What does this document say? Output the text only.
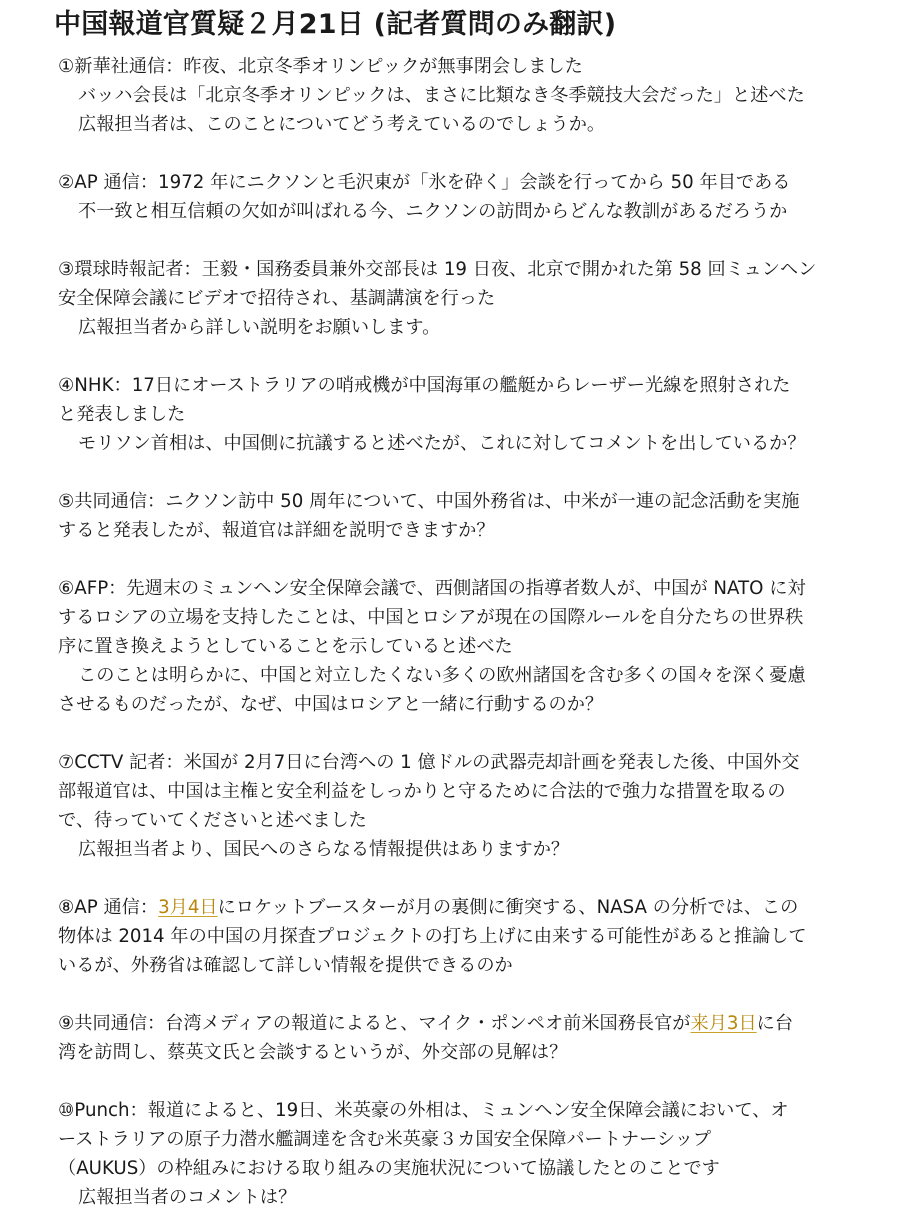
中国報道官質疑２月21日 (記者質問のみ翻訳)
①新華社通信：昨夜、北京冬季オリンピックが無事閉会しました
バッハ会長は「北京冬季オリンピックは、まさに比類なき冬季競技大会だった」と述べた
広報担当者は、このことについてどう考えているのでしょうか。
②AP 通信：1972 年にニクソンと毛沢東が「氷を砕く」会談を行ってから 50 年目である
不一致と相互信頼の欠如が叫ばれる今、ニクソンの訪問からどんな教訓があるだろうか
③環球時報記者：王毅・国務委員兼外交部長は 19 日夜、北京で開かれた第 58 回ミュンヘン
安全保障会議にビデオで招待され、基調講演を行った
広報担当者から詳しい説明をお願いします。
④NHK：17日にオーストラリアの哨戒機が中国海軍の艦艇からレーザー光線を照射された
と発表しました
モリソン首相は、中国側に抗議すると述べたが、これに対してコメントを出しているか？
⑤共同通信：ニクソン訪中 50 周年について、中国外務省は、中米が一連の記念活動を実施
すると発表したが、報道官は詳細を説明できますか？
⑥AFP：先週末のミュンヘン安全保障会議で、西側諸国の指導者数人が、中国が NATO に対
するロシアの立場を支持したことは、中国とロシアが現在の国際ルールを自分たちの世界秩
序に置き換えようとしていることを示していると述べた
このことは明らかに、中国と対立したくない多くの欧州諸国を含む多くの国々を深く憂慮
させるものだったが、なぜ、中国はロシアと一緒に行動するのか？
⑦CCTV 記者：米国が 2月7日に台湾への 1 億ドルの武器売却計画を発表した後、中国外交
部報道官は、中国は主権と安全利益をしっかりと守るために合法的で強力な措置を取るの
で、待っていてくださいと述べました
広報担当者より、国民へのさらなる情報提供はありますか？
⑧AP 通信：3月4日にロケットブースターが月の裏側に衝突する、NASA の分析では、この
物体は 2014 年の中国の月探査プロジェクトの打ち上げに由来する可能性があると推論して
いるが、外務省は確認して詳しい情報を提供できるのか
⑨共同通信：台湾メディアの報道によると、マイク・ポンペオ前米国務長官が来月3日に台
湾を訪問し、蔡英文氏と会談するというが、外交部の見解は？
⑩Punch：報道によると、19日、米英豪の外相は、ミュンヘン安全保障会議において、オ
ーストラリアの原子力潜水艦調達を含む米英豪３カ国安全保障パートナーシップ
（AUKUS）の枠組みにおける取り組みの実施状況について協議したとのことです
広報担当者のコメントは？
